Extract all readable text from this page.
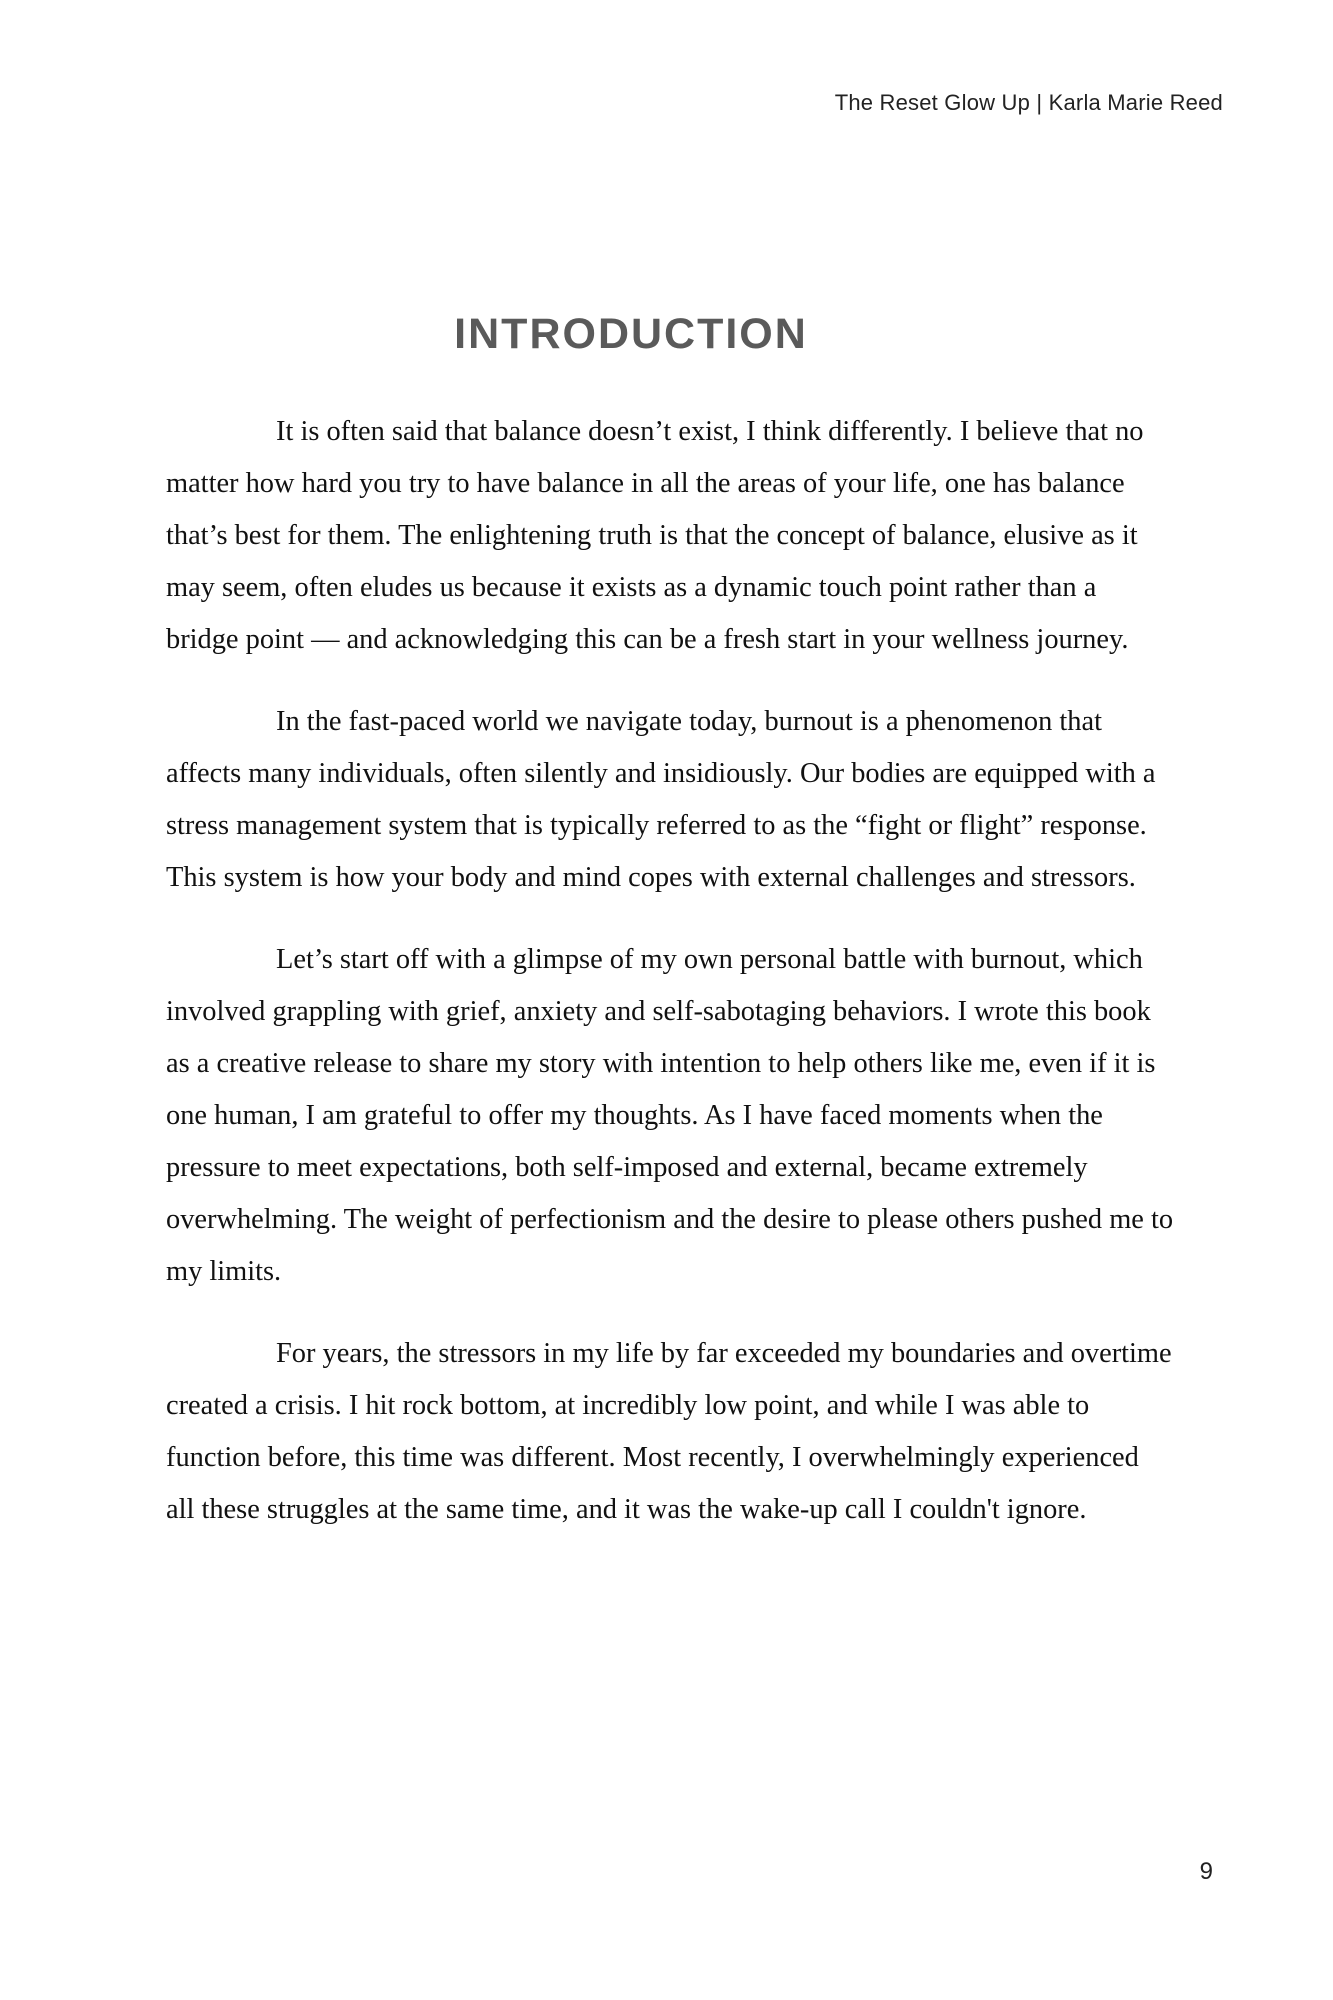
The Reset Glow Up | Karla Marie Reed
INTRODUCTION

It is often said that balance doesn’t exist, I think differently. I believe that no matter how hard you try to have balance in all the areas of your life, one has balance that’s best for them. The enlightening truth is that the concept of balance, elusive as it may seem, often eludes us because it exists as a dynamic touch point rather than a bridge point — and acknowledging this can be a fresh start in your wellness journey.

In the fast-paced world we navigate today, burnout is a phenomenon that affects many individuals, often silently and insidiously. Our bodies are equipped with a stress management system that is typically referred to as the “fight or flight” response. This system is how your body and mind copes with external challenges and stressors.

Let’s start off with a glimpse of my own personal battle with burnout, which involved grappling with grief, anxiety and self-sabotaging behaviors. I wrote this book as a creative release to share my story with intention to help others like me, even if it is one human, I am grateful to offer my thoughts. As I have faced moments when the pressure to meet expectations, both self-imposed and external, became extremely overwhelming. The weight of perfectionism and the desire to please others pushed me to my limits.

For years, the stressors in my life by far exceeded my boundaries and overtime created a crisis. I hit rock bottom, at incredibly low point, and while I was able to function before, this time was different. Most recently, I overwhelmingly experienced all these struggles at the same time, and it was the wake-up call I couldn't ignore.

9
